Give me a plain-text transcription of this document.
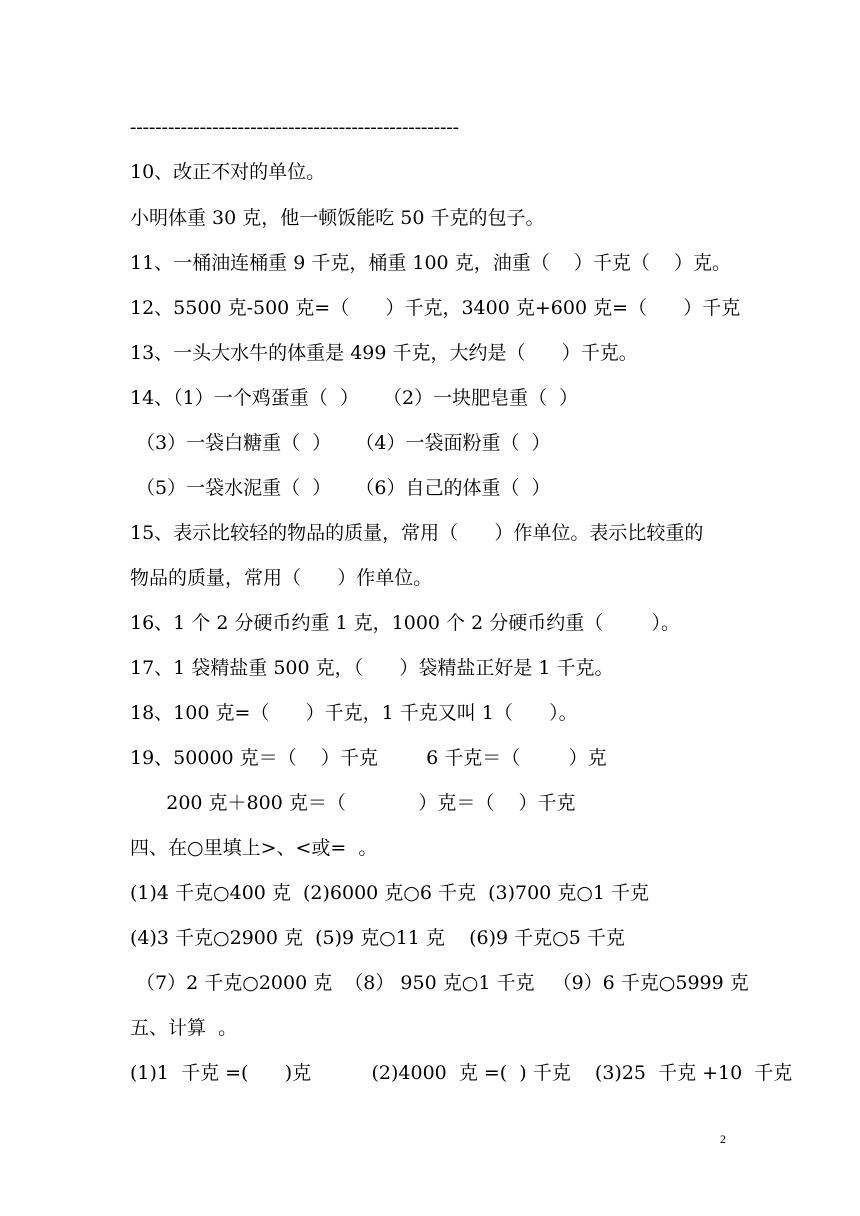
----------------------------------------------------
10、改正不对的单位。
小明体重 30 克，他一顿饭能吃 50 千克的包子。
11、一桶油连桶重 9 千克，桶重 100 克，油重（    ）千克（    ）克。
12、5500 克-500 克=（      ）千克，3400 克+600 克=（      ）千克
13、一头大水牛的体重是 499 千克，大约是（      ）千克。
14、（1）一个鸡蛋重（  ）    （2）一块肥皂重（  ）
（3）一袋白糖重（  ）    （4）一袋面粉重（  ）
（5）一袋水泥重（  ）    （6）自己的体重（  ）
15、表示比较轻的物品的质量，常用（      ）作单位。表示比较重的
物品的质量，常用（      ）作单位。
16、1 个 2 分硬币约重 1 克，1000 个 2 分硬币约重（        ）。
17、1 袋精盐重 500 克，（      ）袋精盐正好是 1 千克。
18、100 克=（      ）千克，1 千克又叫 1（      ）。
19、50000 克＝（    ）千克        6 千克＝（        ）克
200 克＋800 克＝（            ）克＝（    ）千克
四、在○里填上>、<或=  。
(1)4 千克○400 克  (2)6000 克○6 千克  (3)700 克○1 千克
(4)3 千克○2900 克  (5)9 克○11 克    (6)9 千克○5 千克
（7）2 千克○2000 克  （8） 950 克○1 千克   （9）6 千克○5999 克
五、计算  。
(1)1  千克 =(      )克          (2)4000  克 =(  ) 千克    (3)25  千克 +10  千克
2
